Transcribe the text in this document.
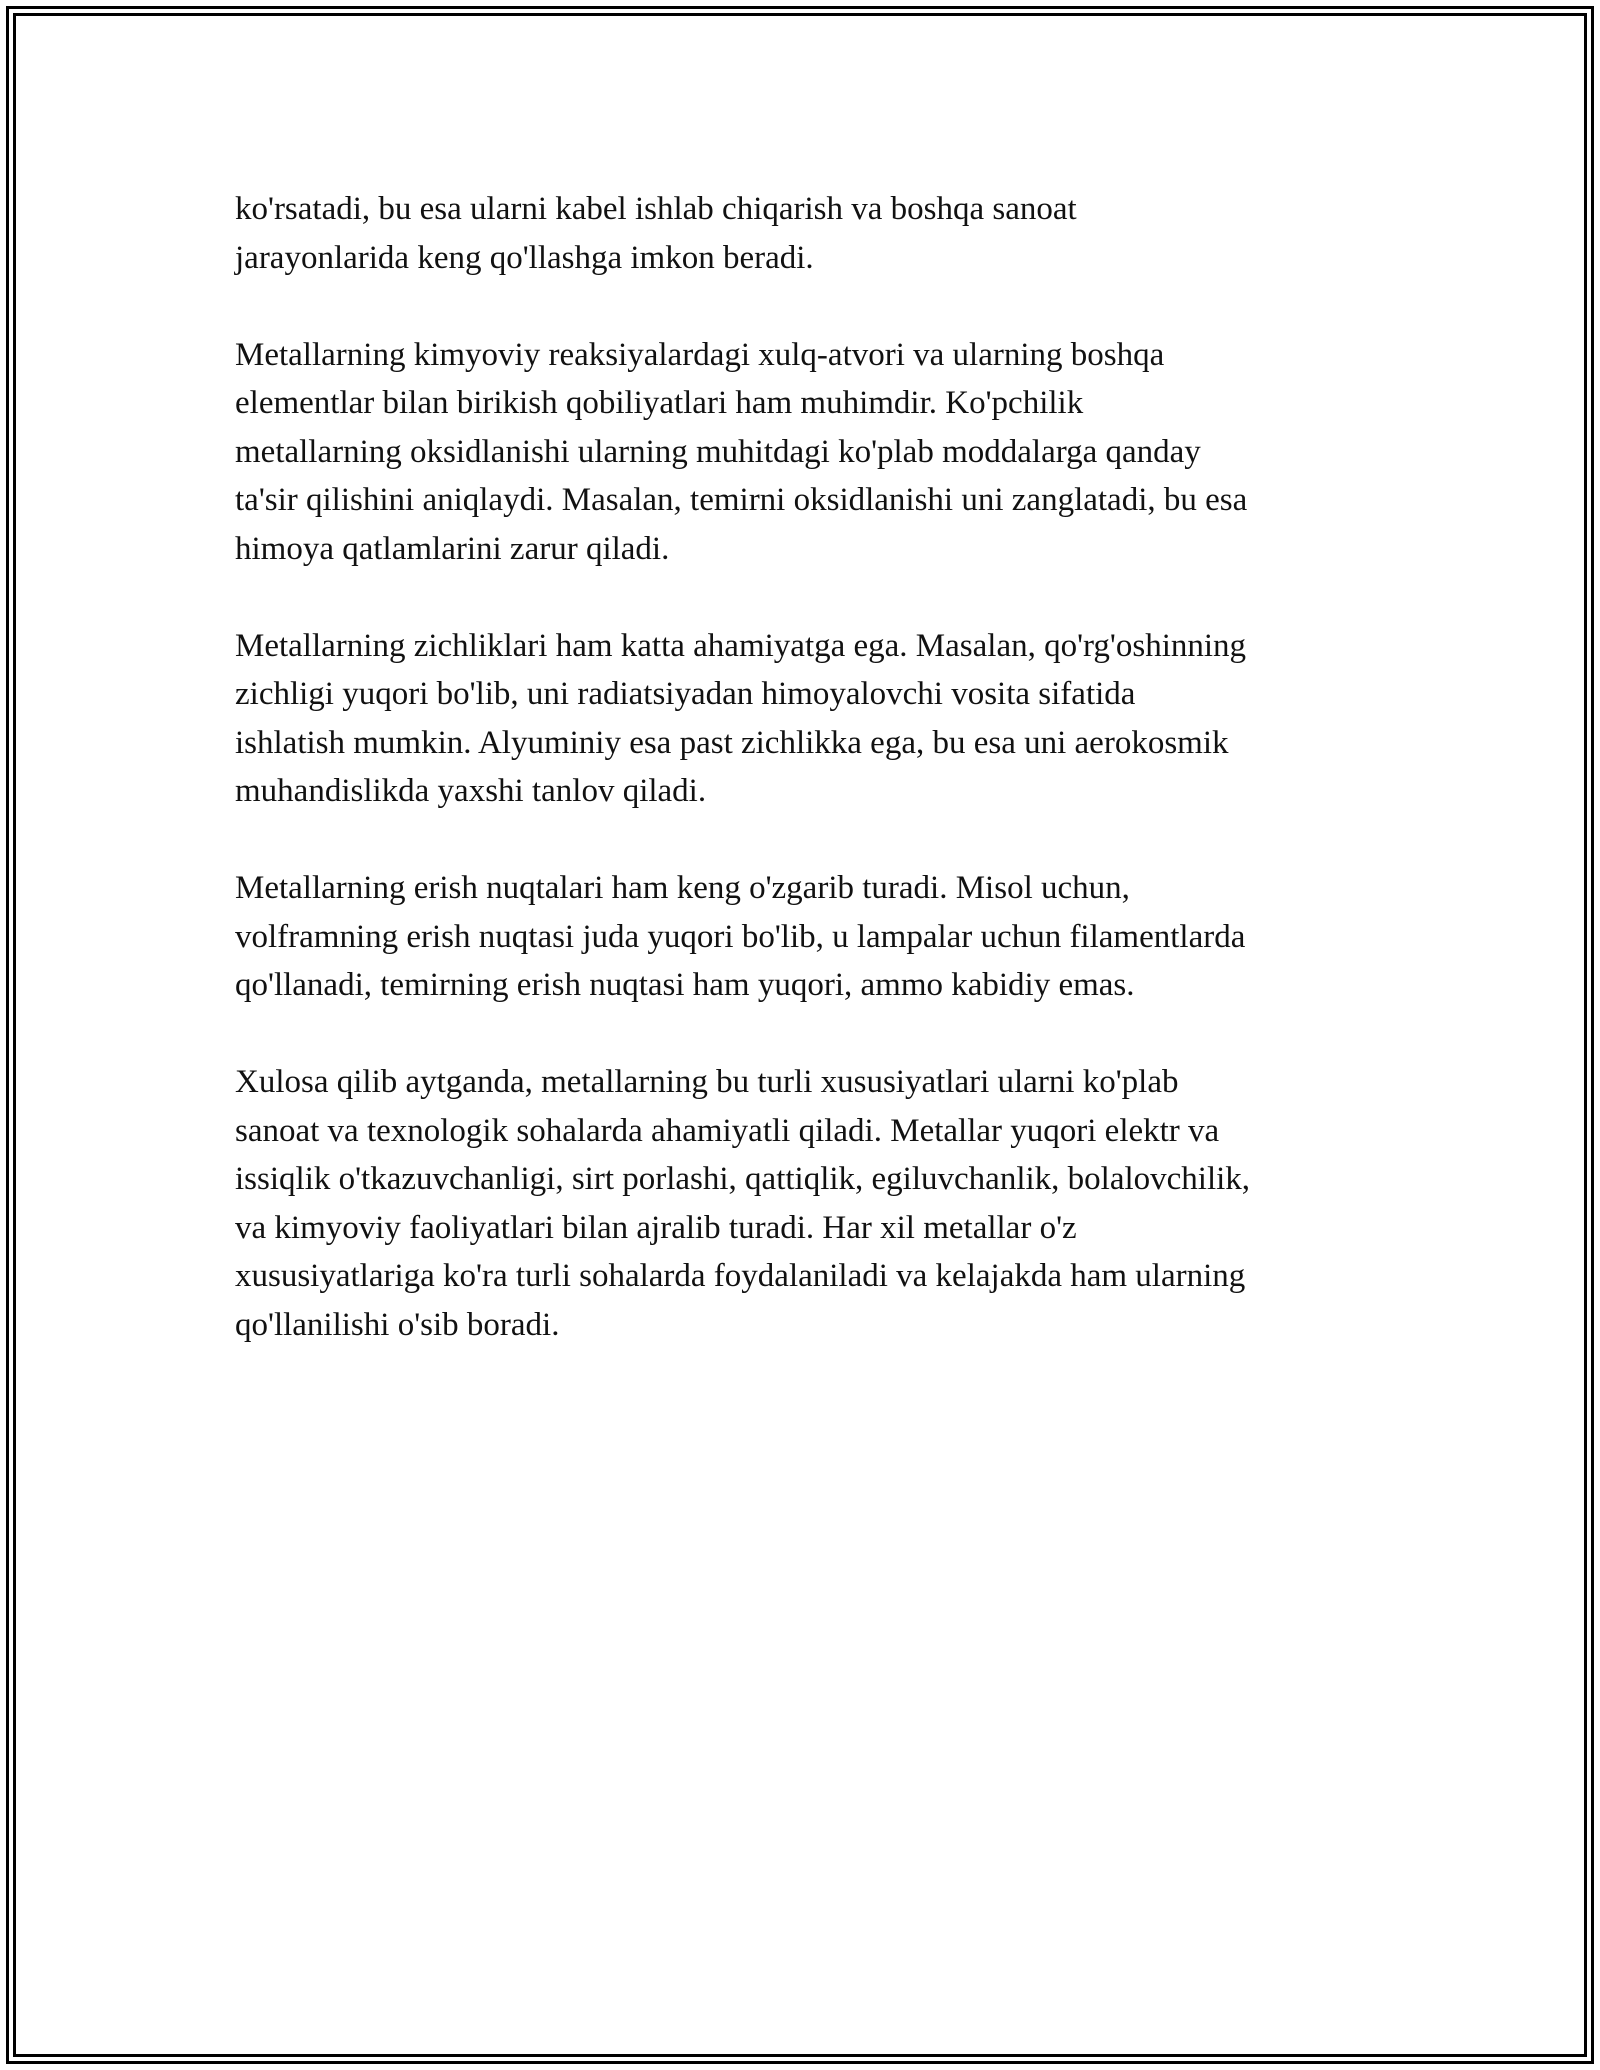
ko'rsatadi, bu esa ularni kabel ishlab chiqarish va boshqa sanoat
jarayonlarida keng qo'llashga imkon beradi.

Metallarning kimyoviy reaksiyalardagi xulq-atvori va ularning boshqa
elementlar bilan birikish qobiliyatlari ham muhimdir. Ko'pchilik
metallarning oksidlanishi ularning muhitdagi ko'plab moddalarga qanday
ta'sir qilishini aniqlaydi. Masalan, temirni oksidlanishi uni zanglatadi, bu esa
himoya qatlamlarini zarur qiladi.

Metallarning zichliklari ham katta ahamiyatga ega. Masalan, qo'rg'oshinning
zichligi yuqori bo'lib, uni radiatsiyadan himoyalovchi vosita sifatida
ishlatish mumkin. Alyuminiy esa past zichlikka ega, bu esa uni aerokosmik
muhandislikda yaxshi tanlov qiladi.

Metallarning erish nuqtalari ham keng o'zgarib turadi. Misol uchun,
volframning erish nuqtasi juda yuqori bo'lib, u lampalar uchun filamentlarda
qo'llanadi, temirning erish nuqtasi ham yuqori, ammo kabidiy emas.

Xulosa qilib aytganda, metallarning bu turli xususiyatlari ularni ko'plab
sanoat va texnologik sohalarda ahamiyatli qiladi. Metallar yuqori elektr va
issiqlik o'tkazuvchanligi, sirt porlashi, qattiqlik, egiluvchanlik, bolalovchilik,
va kimyoviy faoliyatlari bilan ajralib turadi. Har xil metallar o'z
xususiyatlariga ko'ra turli sohalarda foydalaniladi va kelajakda ham ularning
qo'llanilishi o'sib boradi.
